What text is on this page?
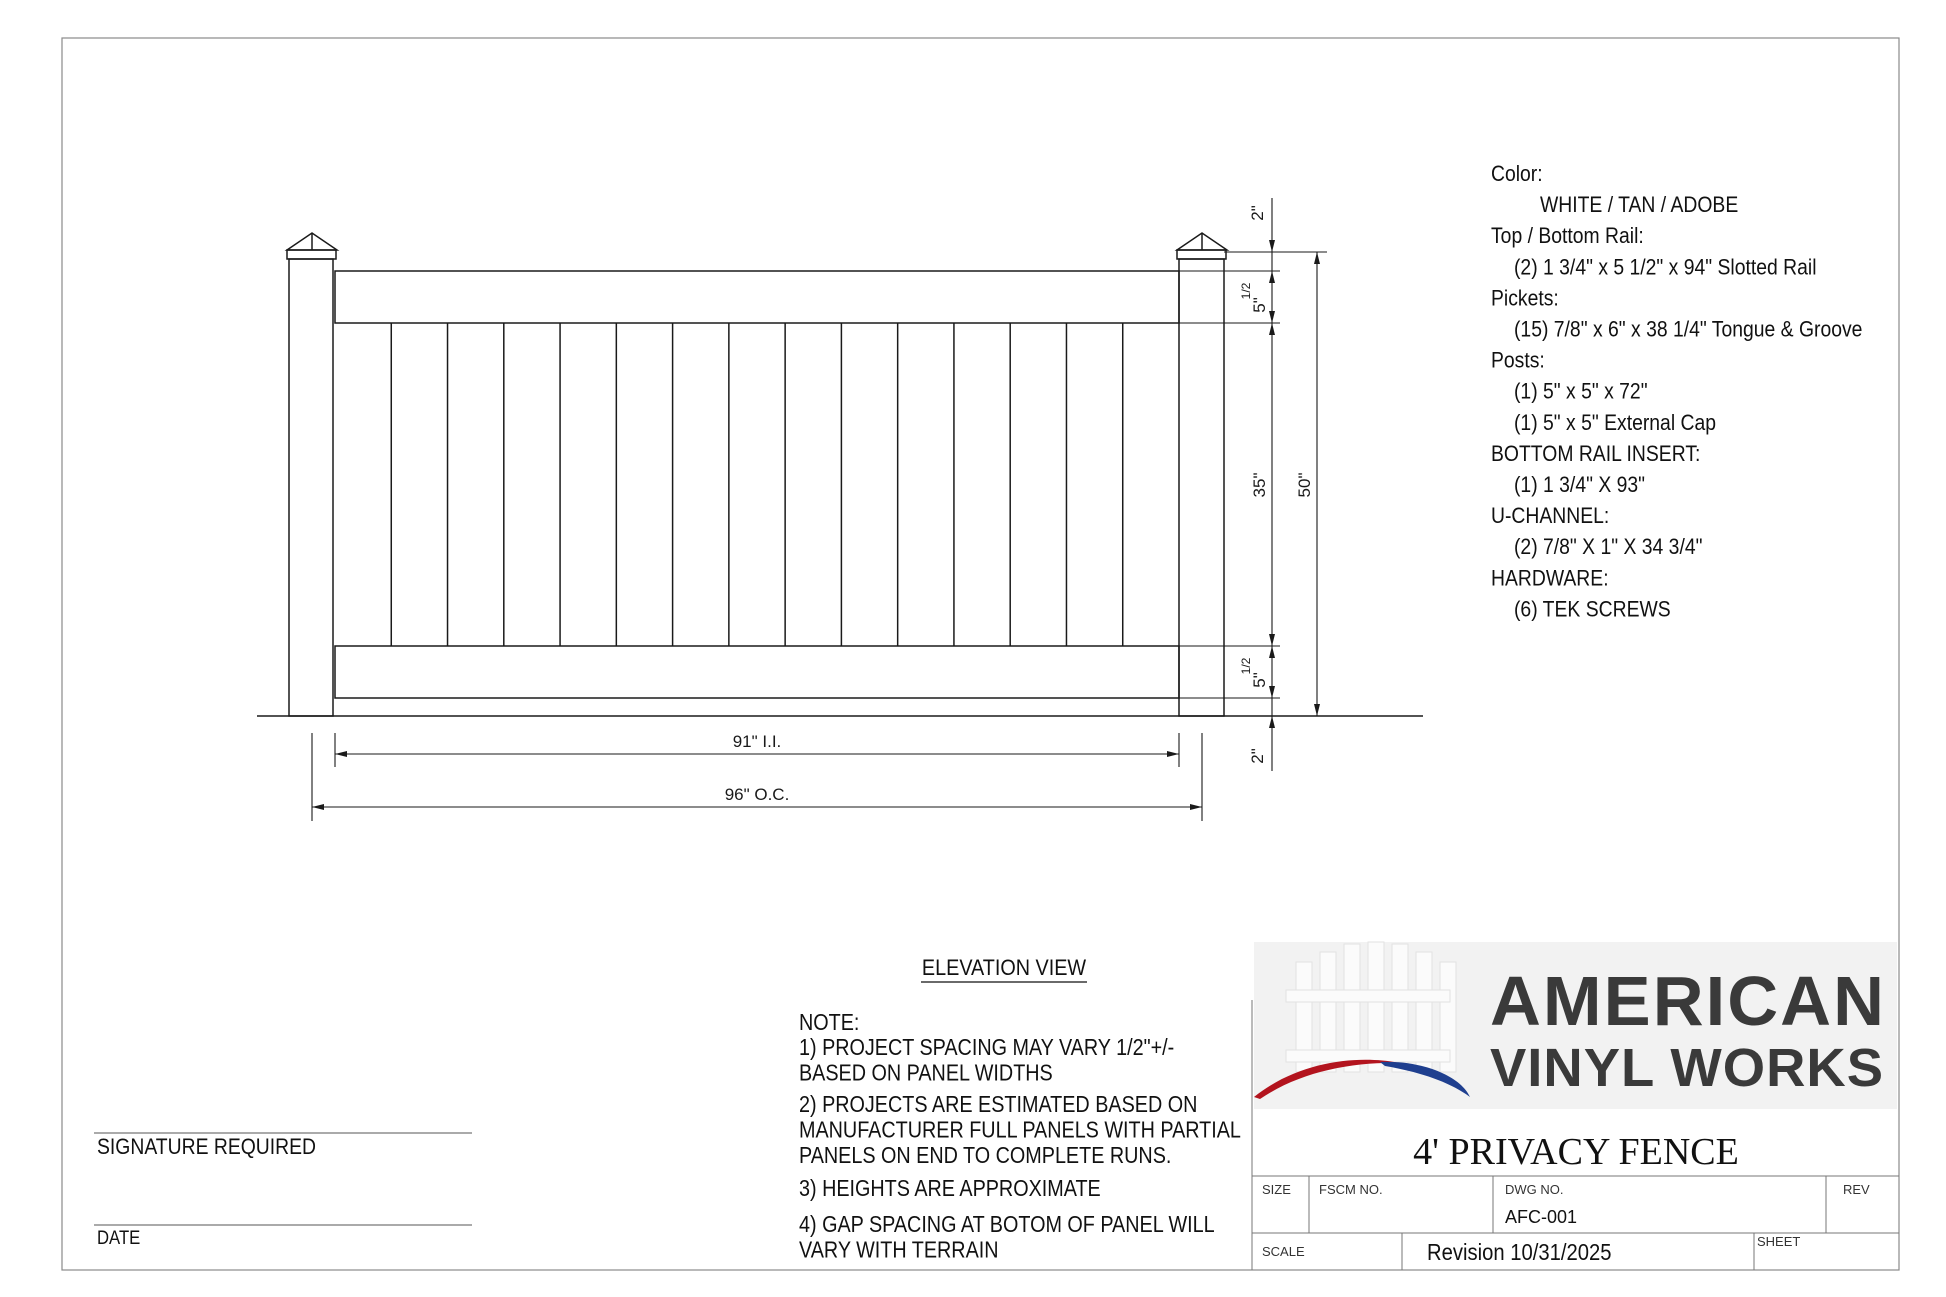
2"
5"
1/2
35" 50"
5"
1/2
2"
91" I.I.
96" O.C.
Color:
WHITE / TAN / ADOBE
Top / Bottom Rail:
(2) 1 3/4" x 5 1/2" x 94" Slotted Rail
Pickets:
(15) 7/8" x 6" x 38 1/4" Tongue & Groove
Posts:
(1) 5" x 5" x 72"
(1) 5" x 5" External Cap
BOTTOM RAIL INSERT:
(1) 1 3/4" X 93"
U-CHANNEL:
(2) 7/8" X 1" X 34 3/4"
HARDWARE:
(6) TEK SCREWS
ELEVATION VIEW
NOTE:
1) PROJECT SPACING MAY VARY 1/2"+/-
BASED ON PANEL WIDTHS
2) PROJECTS ARE ESTIMATED BASED ON
MANUFACTURER FULL PANELS WITH PARTIAL
PANELS ON END TO COMPLETE RUNS.
3) HEIGHTS ARE APPROXIMATE
4) GAP SPACING AT BOTOM OF PANEL WILL
VARY WITH TERRAIN
SIGNATURE REQUIRED
DATE
AMERICAN
VINYL WORKS
4' PRIVACY FENCE
SIZE FSCM NO.	DWG NO.
AFC-001
REV
SCALE	Revision 10/31/2025	SHEET
